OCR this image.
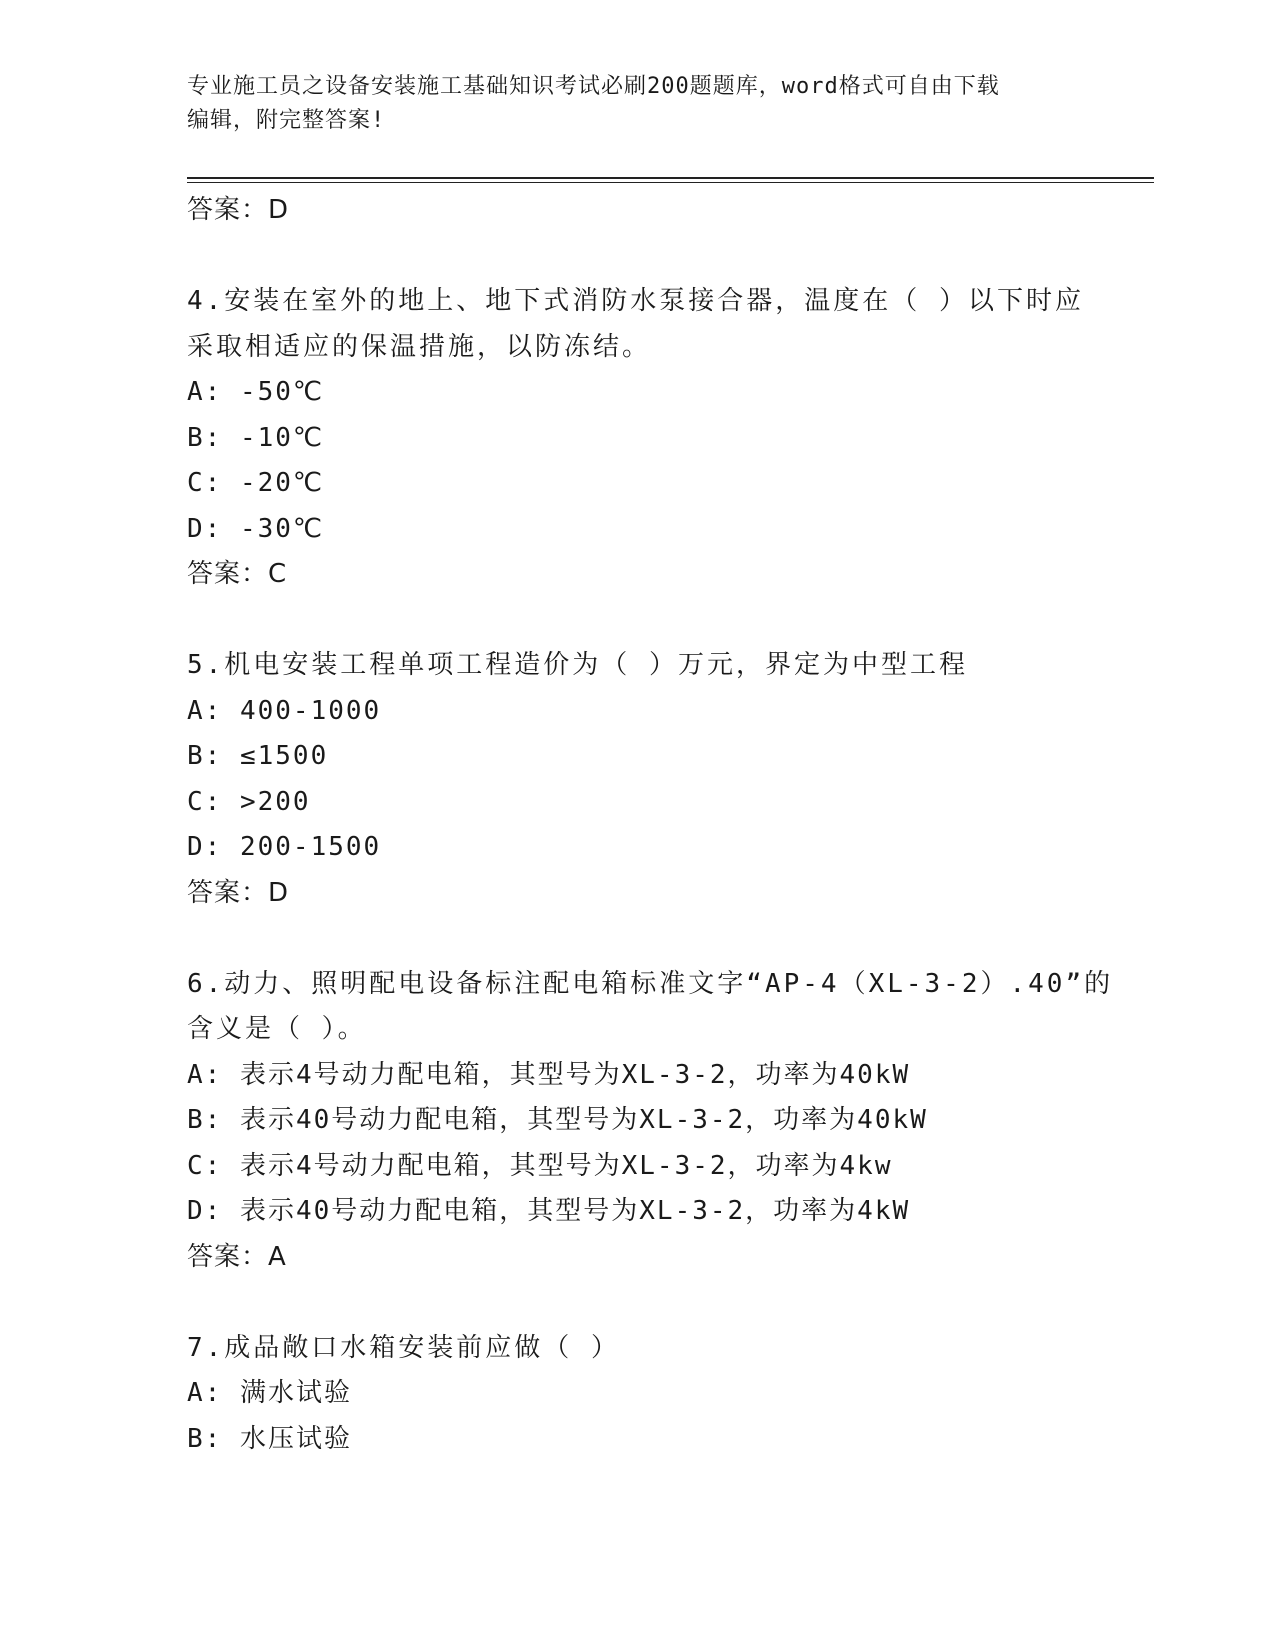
专业施工员之设备安装施工基础知识考试必刷200题题库，word格式可自由下载
编辑，附完整答案!
答案：D
4.安装在室外的地上、地下式消防水泵接合器，温度在（ ）以下时应
采取相适应的保温措施，以防冻结。
A: -50℃
B: -10℃
C: -20℃
D: -30℃
答案：C
5.机电安装工程单项工程造价为（ ）万元，界定为中型工程
A: 400-1000
B: ≤1500
C: >200
D: 200-1500
答案：D
6.动力、照明配电设备标注配电箱标准文字“AP-4（XL-3-2）.40”的
含义是（ ）。
A: 表示4号动力配电箱，其型号为XL-3-2，功率为40kW
B: 表示40号动力配电箱，其型号为XL-3-2，功率为40kW
C: 表示4号动力配电箱，其型号为XL-3-2，功率为4kw
D: 表示40号动力配电箱，其型号为XL-3-2，功率为4kW
答案：A
7.成品敞口水箱安装前应做（ ）
A: 满水试验
B: 水压试验
